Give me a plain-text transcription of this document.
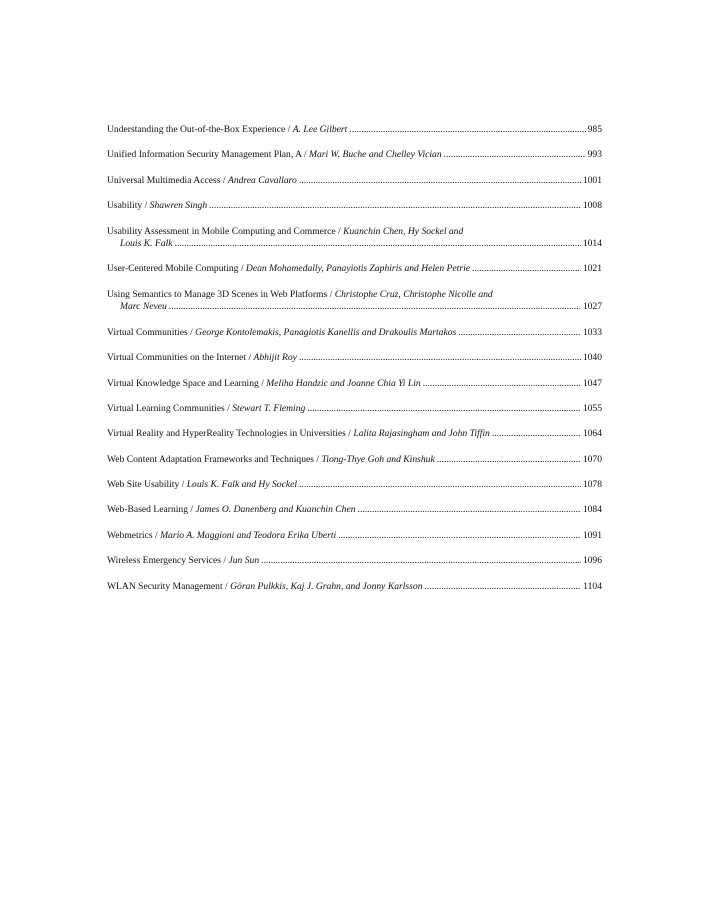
Understanding the Out-of-the-Box Experience / A. Lee Gilbert . . .	985
Unified Information Security Management Plan, A / Mari W. Buche and Chelley Vician . . .	993
Universal Multimedia Access / Andrea Cavallaro . . .	1001
Usability / Shawren Singh . . .	1008
Usability Assessment in Mobile Computing and Commerce / Kuanchin Chen, Hy Sockel and
Louis K. Falk . . .	1014
User-Centered Mobile Computing / Dean Mohamedally, Panayiotis Zaphiris and Helen Petrie . . .	1021
Using Semantics to Manage 3D Scenes in Web Platforms / Christophe Cruz, Christophe Nicolle and
Marc Neveu . . .	1027
Virtual Communities / George Kontolemakis, Panagiotis Kanellis and Drakoulis Martakos . . .	1033
Virtual Communities on the Internet / Abhijit Roy . . .	1040
Virtual Knowledge Space and Learning / Meliha Handzic and Joanne Chia Yi Lin . . .	1047
Virtual Learning Communities / Stewart T. Fleming . . .	1055
Virtual Reality and HyperReality Technologies in Universities / Lalita Rajasingham and John Tiffin . . .	1064
Web Content Adaptation Frameworks and Techniques / Tiong-Thye Goh and Kinshuk . . .	1070
Web Site Usability / Louis K. Falk and Hy Sockel . . .	1078
Web-Based Learning / James O. Danenberg and Kuanchin Chen . . .	1084
Webmetrics / Mario A. Maggioni and Teodora Erika Uberti . . .	1091
Wireless Emergency Services / Jun Sun . . .	1096
WLAN Security Management / Göran Pulkkis, Kaj J. Grahn, and Jonny Karlsson . . .	1104
